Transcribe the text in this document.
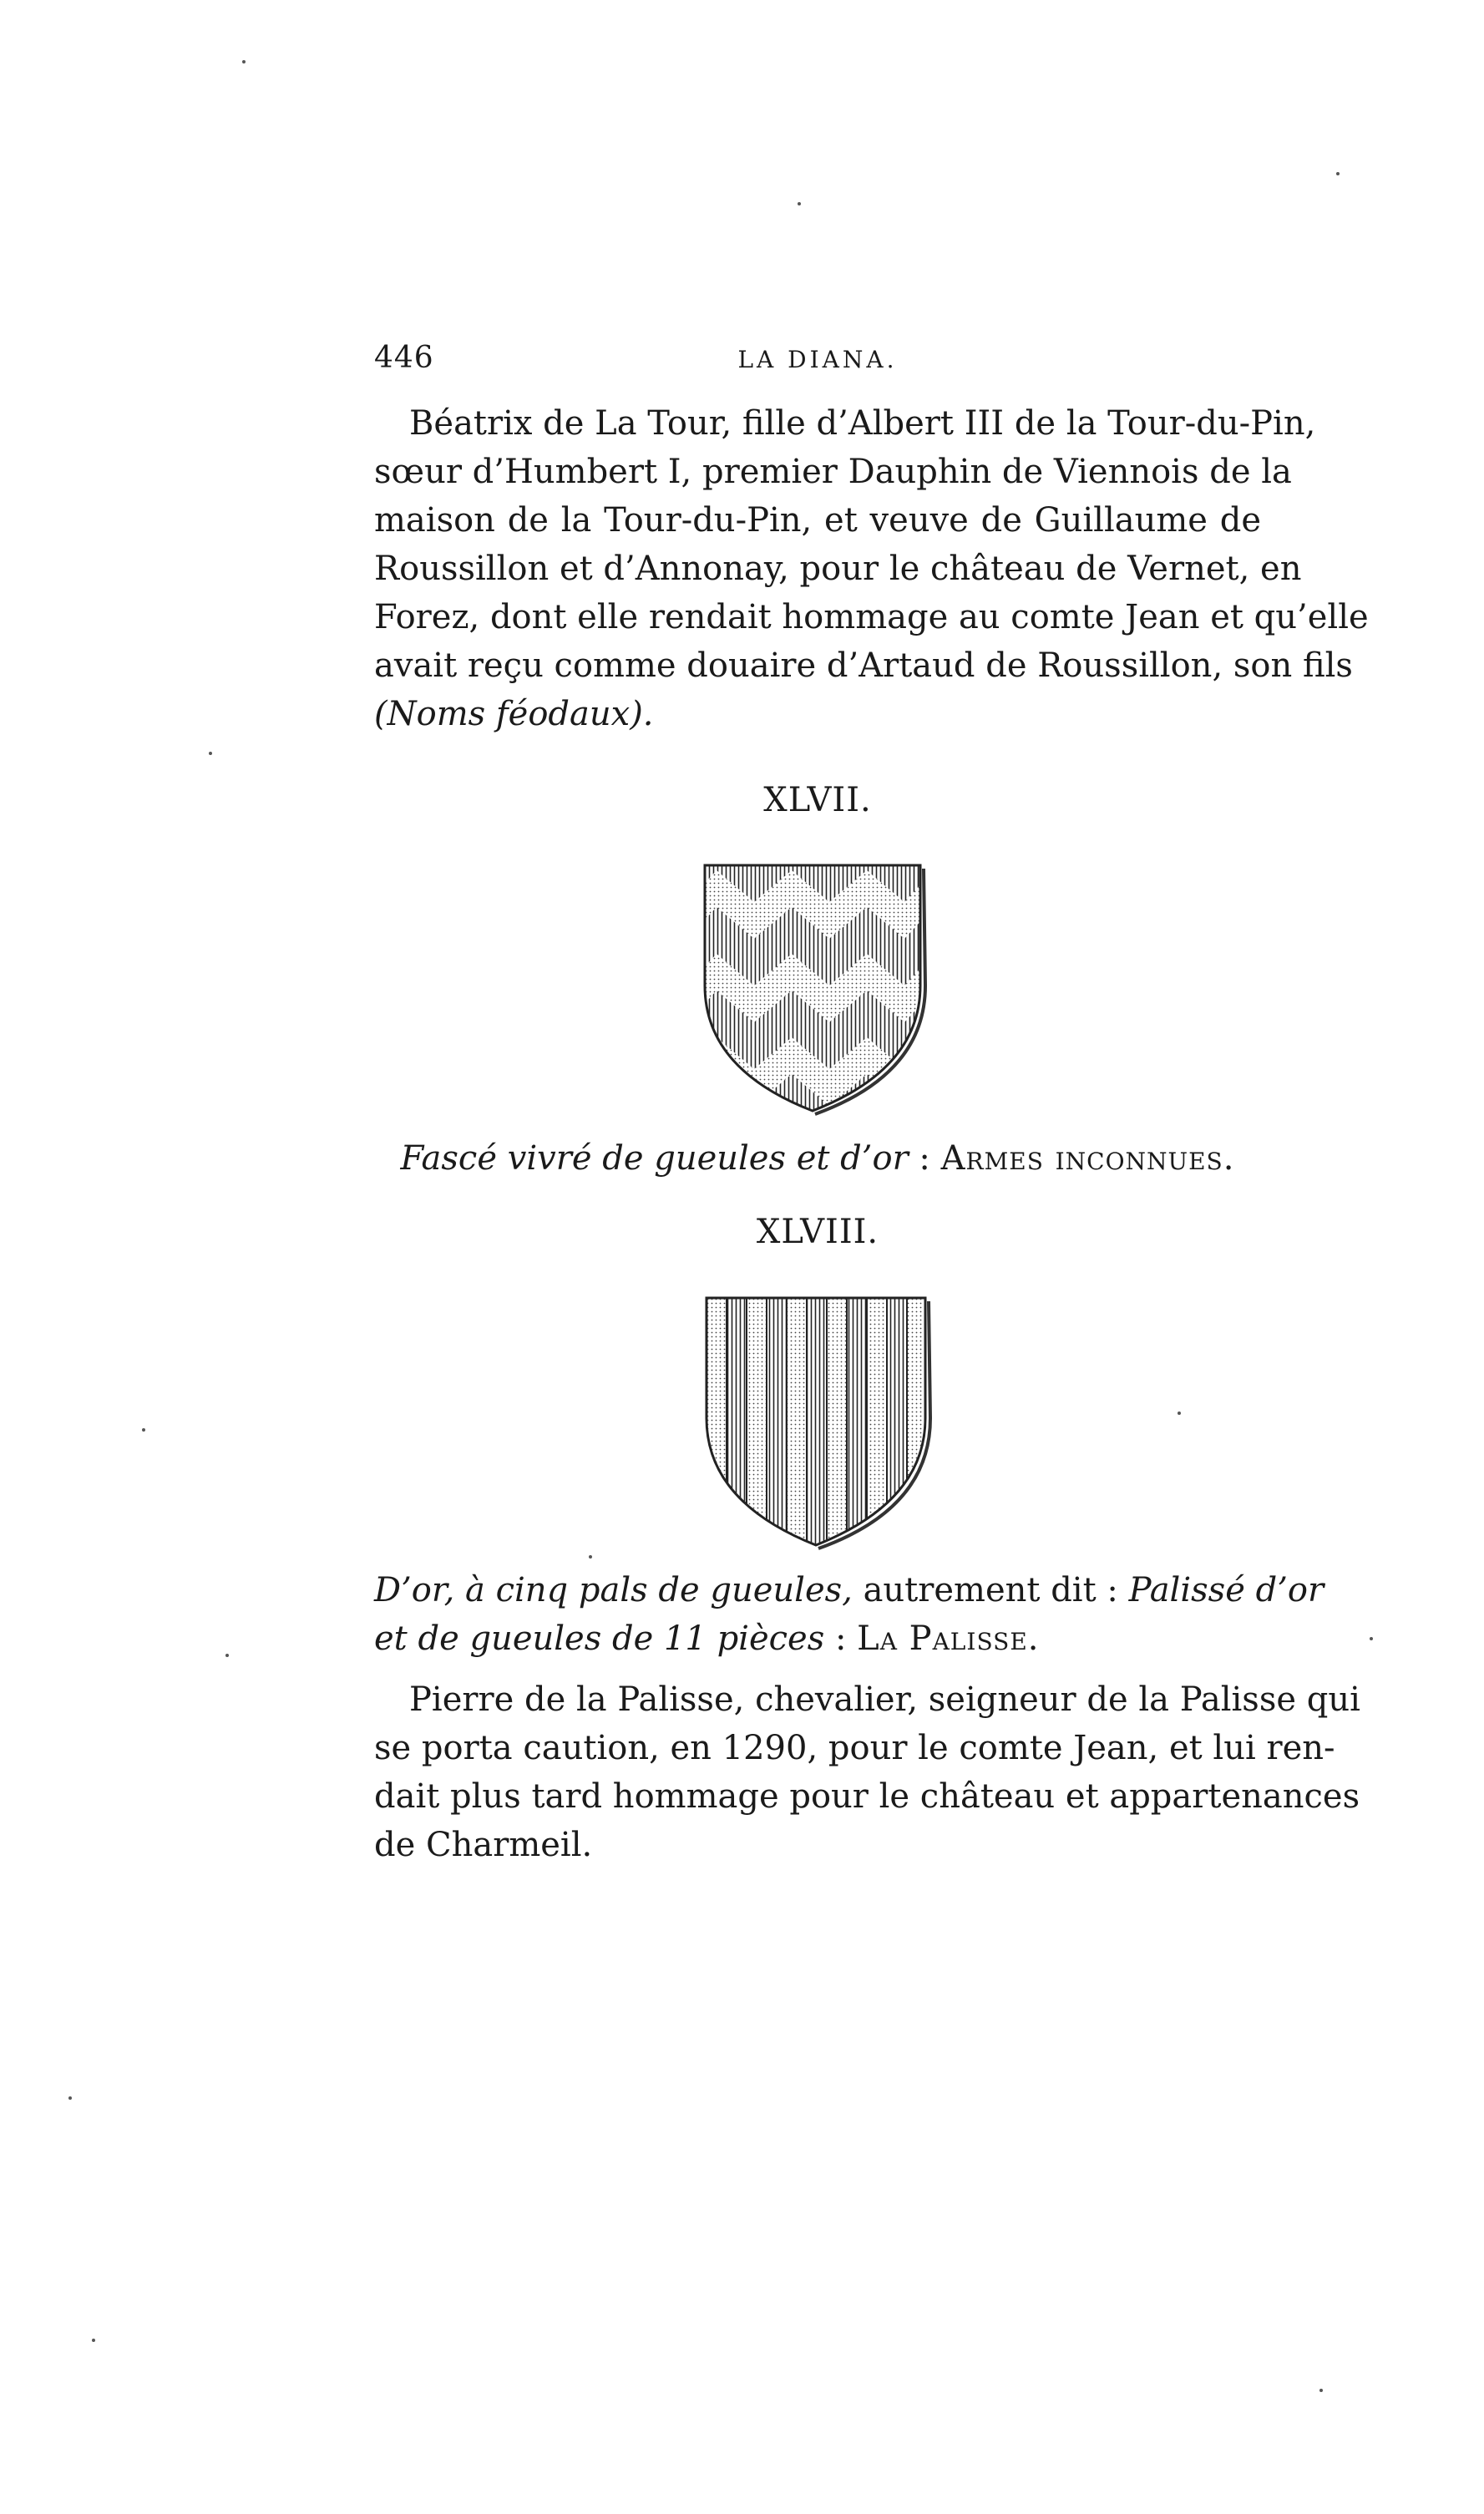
446	LA DIANA.
Béatrix de La Tour, fille d’Albert III de la Tour-du-Pin,
sœur d’Humbert I, premier Dauphin de Viennois de la
maison de la Tour-du-Pin, et veuve de Guillaume de
Roussillon et d’Annonay, pour le château de Vernet, en
Forez, dont elle rendait hommage au comte Jean et qu’elle
avait reçu comme douaire d’Artaud de Roussillon, son fils
(Noms féodaux).
XLVII.
Fascé vivré de gueules et d’or : Armes inconnues.
XLVIII.
D’or, à cinq pals de gueules, autrement dit : Palissé d’or
et de gueules de 11 pièces : La Palisse.
Pierre de la Palisse, chevalier, seigneur de la Palisse qui
se porta caution, en 1290, pour le comte Jean, et lui ren-
dait plus tard hommage pour le château et appartenances
de Charmeil.
